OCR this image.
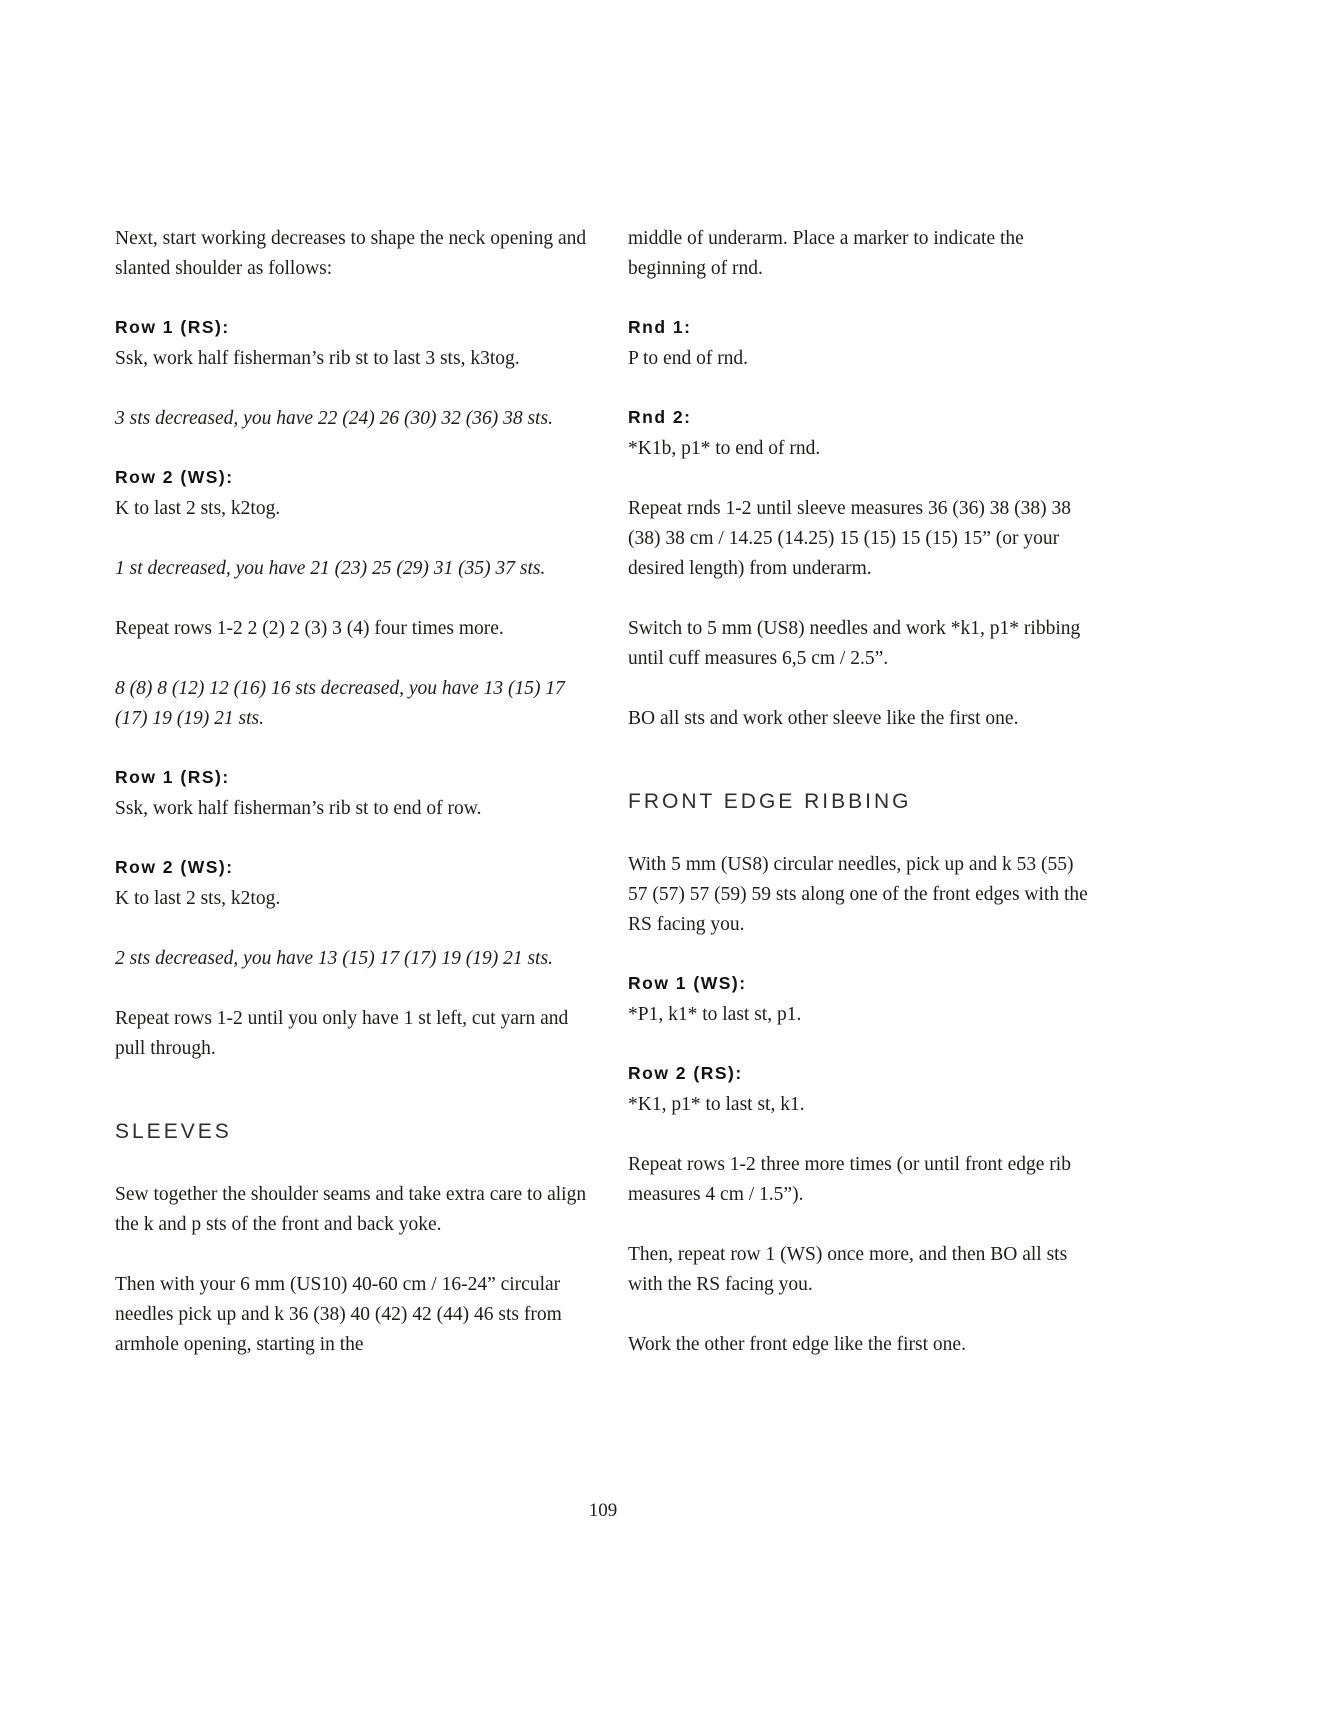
Next, start working decreases to shape the neck opening and slanted shoulder as follows:
Row 1 (RS):
Ssk, work half fisherman’s rib st to last 3 sts, k3tog.
3 sts decreased, you have 22 (24) 26 (30) 32 (36) 38 sts.
Row 2 (WS):
K to last 2 sts, k2tog.
1 st decreased, you have 21 (23) 25 (29) 31 (35) 37 sts.
Repeat rows 1-2 2 (2) 2 (3) 3 (4) four times more.
8 (8) 8 (12) 12 (16) 16 sts decreased, you have 13 (15) 17 (17) 19 (19) 21 sts.
Row 1 (RS):
Ssk, work half fisherman’s rib st to end of row.
Row 2 (WS):
K to last 2 sts, k2tog.
2 sts decreased, you have 13 (15) 17 (17) 19 (19) 21 sts.
Repeat rows 1-2 until you only have 1 st left, cut yarn and pull through.
SLEEVES
Sew together the shoulder seams and take extra care to align the k and p sts of the front and back yoke.
Then with your 6 mm (US10) 40-60 cm / 16-24” circular needles pick up and k 36 (38) 40 (42) 42 (44) 46 sts from armhole opening, starting in the
middle of underarm. Place a marker to indicate the beginning of rnd.
Rnd 1:
P to end of rnd.
Rnd 2:
*K1b, p1* to end of rnd.
Repeat rnds 1-2 until sleeve measures 36 (36) 38 (38) 38 (38) 38 cm / 14.25 (14.25) 15 (15) 15 (15) 15” (or your desired length) from underarm.
Switch to 5 mm (US8) needles and work *k1, p1* ribbing until cuff measures 6,5 cm / 2.5”.
BO all sts and work other sleeve like the first one.
FRONT EDGE RIBBING
With 5 mm (US8) circular needles, pick up and k 53 (55) 57 (57) 57 (59) 59 sts along one of the front edges with the RS facing you.
Row 1 (WS):
*P1, k1* to last st, p1.
Row 2 (RS):
*K1, p1* to last st, k1.
Repeat rows 1-2 three more times (or until front edge rib measures 4 cm / 1.5”).
Then, repeat row 1 (WS) once more, and then BO all sts with the RS facing you.
Work the other front edge like the first one.
109
